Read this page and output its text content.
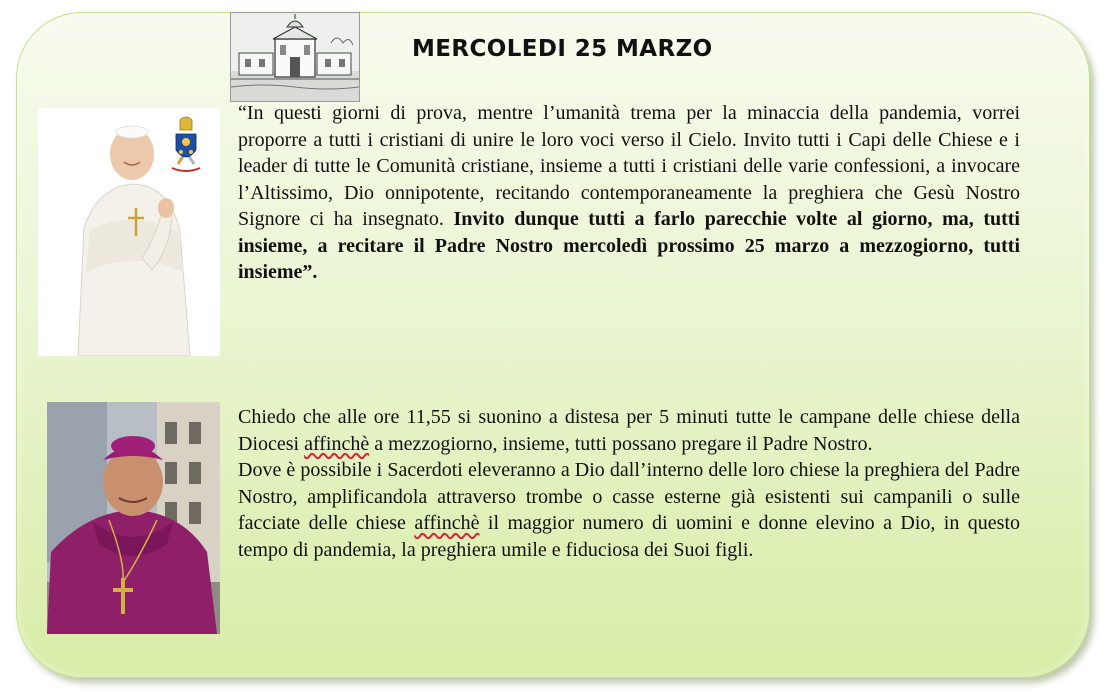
MERCOLEDI 25 MARZO
“In questi giorni di prova, mentre l’umanità trema per la minaccia della pandemia, vorrei proporre a tutti i cristiani di unire le loro voci verso il Cielo. Invito tutti i Capi delle Chiese e i leader di tutte le Comunità cristiane, insieme a tutti i cristiani delle varie confessioni, a invocare l’Altissimo, Dio onnipotente, recitando contemporaneamente la preghiera che Gesù Nostro Signore ci ha insegnato. Invito dunque tutti a farlo parecchie volte al giorno, ma, tutti insieme, a recitare il Padre Nostro mercoledì prossimo 25 marzo a mezzogiorno, tutti insieme”.

Chiedo che alle ore 11,55 si suonino a distesa per 5 minuti tutte le campane delle chiese della Diocesi affinchè a mezzogiorno, insieme, tutti possano pregare il Padre Nostro.

Dove è possibile i Sacerdoti eleveranno a Dio dall’interno delle loro chiese la preghiera del Padre Nostro, amplificandola attraverso trombe o casse esterne già esistenti sui campanili o sulle facciate delle chiese affinchè il maggior numero di uomini e donne elevino a Dio, in questo tempo di pandemia, la preghiera umile e fiduciosa dei Suoi figli.
